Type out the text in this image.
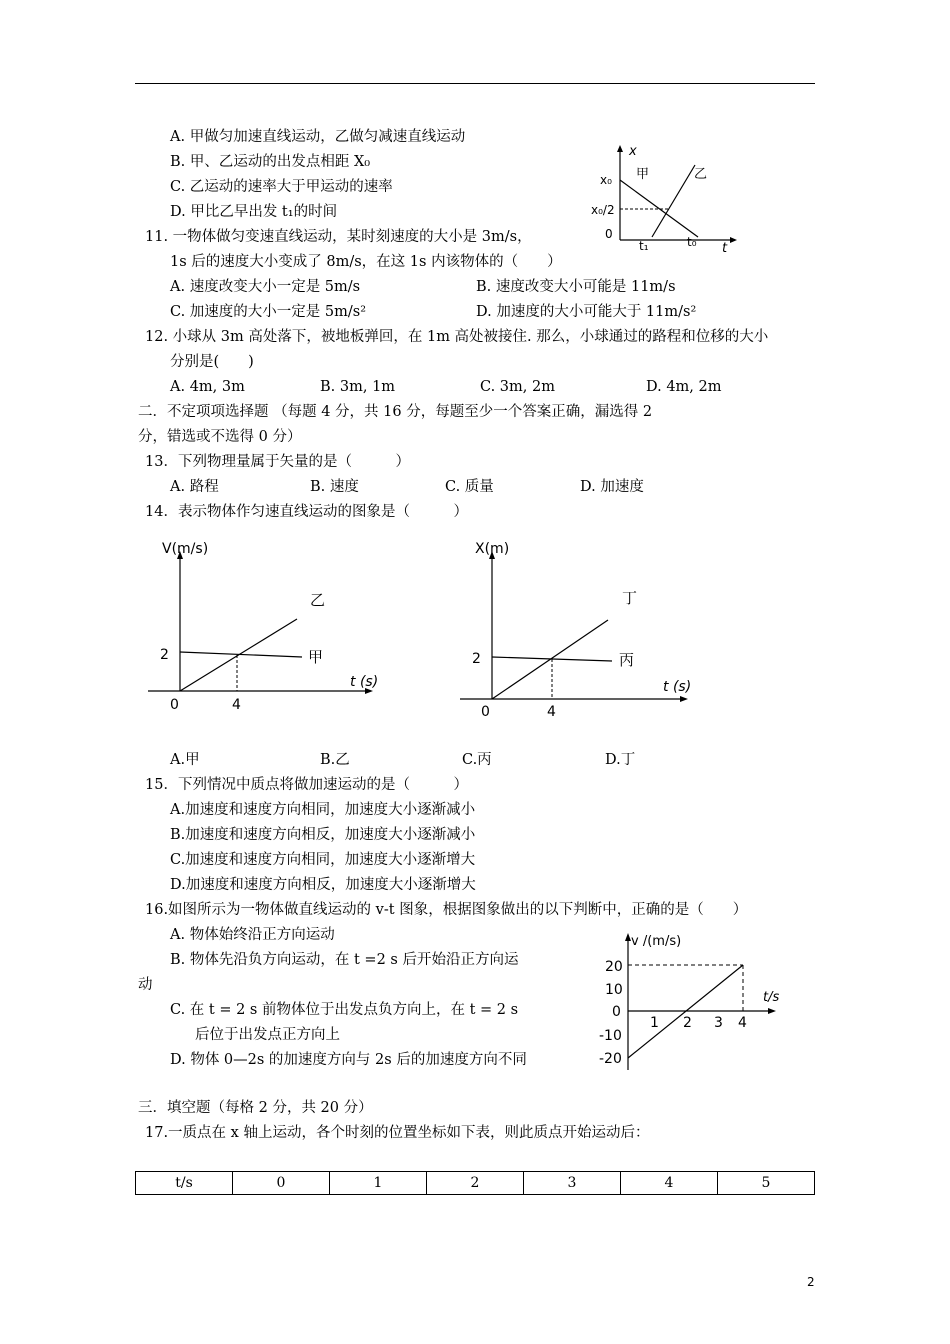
A. 甲做匀加速直线运动，乙做匀减速直线运动
B. 甲、乙运动的出发点相距 X₀
C. 乙运动的速率大于甲运动的速率
D. 甲比乙早出发 t₁的时间
x
x₀
x₀/2
0
t₁	t₀ t
甲	乙
11. 一物体做匀变速直线运动，某时刻速度的大小是 3m/s，
1s 后的速度大小变成了 8m/s，在这 1s 内该物体的（　　）
A. 速度改变大小一定是 5m/s	B. 速度改变大小可能是 11m/s
C. 加速度的大小一定是 5m/s²	D. 加速度的大小可能大于 11m/s²
12. 小球从 3m 高处落下，被地板弹回，在 1m 高处被接住. 那么，小球通过的路程和位移的大小
分别是(　　)
A. 4m, 3m	B. 3m, 1m	C. 3m, 2m	D. 4m, 2m
二．不定项项选择题 （每题 4 分，共 16 分，每题至少一个答案正确，漏选得 2
分，错选或不选得 0 分）
13．下列物理量属于矢量的是（　　　）
A. 路程	B. 速度	C. 质量	D. 加速度
14．表示物体作匀速直线运动的图象是（　　　）
V(m/s)
2
0	4
t (s)
甲
乙
X(m)
2
0	4
t (s)
丙
丁
A.甲	B.乙	C.丙	D.丁
15．下列情况中质点将做加速运动的是（　　　）
A.加速度和速度方向相同，加速度大小逐渐减小
B.加速度和速度方向相反，加速度大小逐渐减小
C.加速度和速度方向相同，加速度大小逐渐增大
D.加速度和速度方向相反，加速度大小逐渐增大
16.如图所示为一物体做直线运动的 v-t 图象，根据图象做出的以下判断中，正确的是（　　）
A. 物体始终沿正方向运动
B. 物体先沿负方向运动，在 t =2 s 后开始沿正方向运
动
C. 在 t = 2 s 前物体位于出发点负方向上，在 t = 2 s
后位于出发点正方向上
D. 物体 0—2s 的加速度方向与 2s 后的加速度方向不同
v /(m/s)
t/s
20
10
0
-10
-20
1 2 3 4
三．填空题（每格 2 分，共 20 分）
17.一质点在 x 轴上运动，各个时刻的位置坐标如下表，则此质点开始运动后：
t/s	0	1	2	3	4	5
2
